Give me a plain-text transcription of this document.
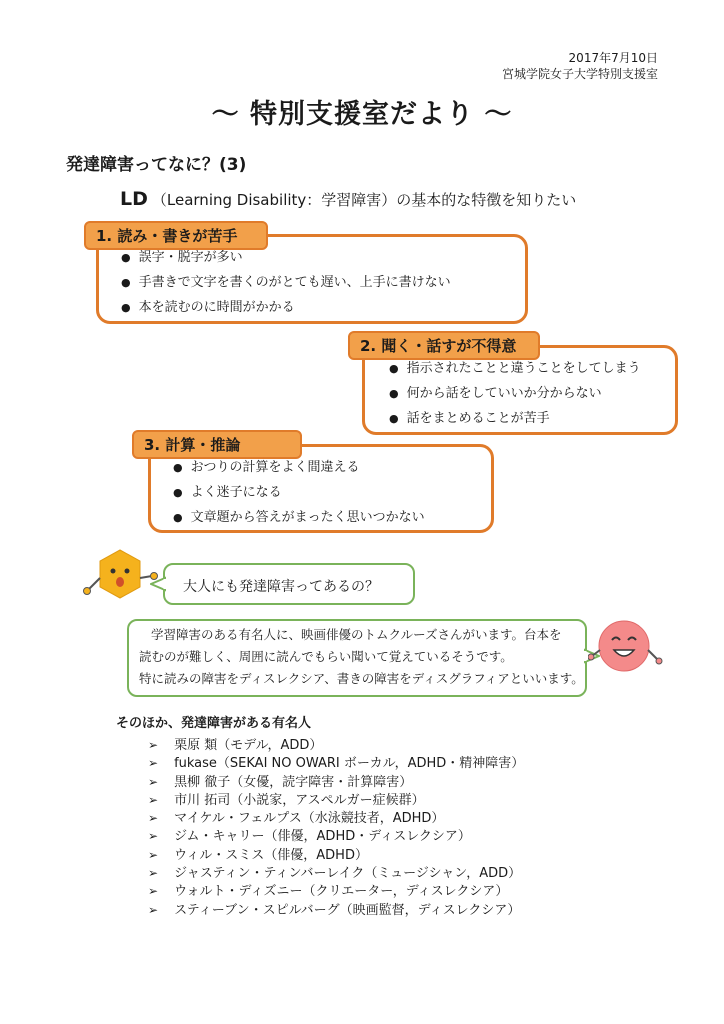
2017年7月10日
宮城学院女子大学特別支援室
～ 特別支援室だより ～
発達障害ってなに？(3)
LD （Learning Disability：学習障害）の基本的な特徴を知りたい
● 誤字・脱字が多い
● 手書きで文字を書くのがとても遅い、上手に書けない
● 本を読むのに時間がかかる
1. 読み・書きが苦手
● 指示されたことと違うことをしてしまう
● 何から話をしていいか分からない
● 話をまとめることが苦手
2. 聞く・話すが不得意
● おつりの計算をよく間違える
● よく迷子になる
● 文章題から答えがまったく思いつかない
3. 計算・推論
大人にも発達障害ってあるの？
学習障害のある有名人に、映画俳優のトムクルーズさんがいます。台本を
読むのが難しく、周囲に読んでもらい聞いて覚えているそうです。
特に読みの障害をディスレクシア、書きの障害をディスグラフィアといいます。
そのほか、発達障害がある有名人
➢ 栗原 類（モデル，ADD）
➢ fukase（SEKAI NO OWARI ボーカル，ADHD・精神障害）
➢ 黒柳 徹子（女優，読字障害・計算障害）
➢ 市川 拓司（小説家，アスペルガー症候群）
➢ マイケル・フェルプス（水泳競技者，ADHD）
➢ ジム・キャリー（俳優，ADHD・ディスレクシア）
➢ ウィル・スミス（俳優，ADHD）
➢ ジャスティン・ティンバーレイク（ミュージシャン，ADD）
➢ ウォルト・ディズニー（クリエーター，ディスレクシア）
➢ スティーブン・スピルバーグ（映画監督，ディスレクシア）
